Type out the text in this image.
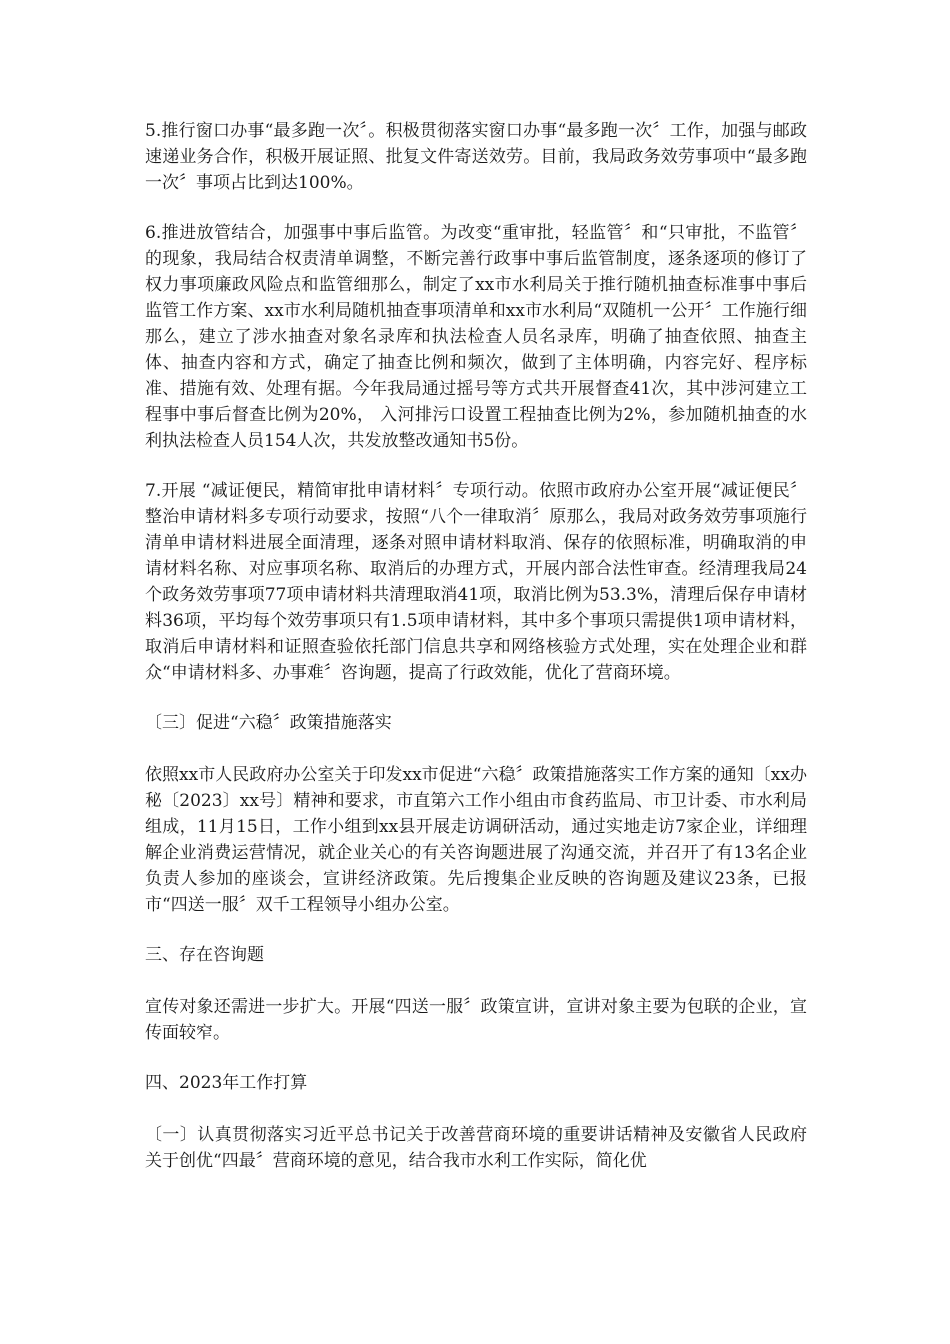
5.推行窗口办事“最多跑一次〞。积极贯彻落实窗口办事“最多跑一次〞工作，加强与邮政速递业务合作，积极开展证照、批复文件寄送效劳。目前，我局政务效劳事项中“最多跑一次〞事项占比到达100%。

6.推进放管结合，加强事中事后监管。为改变“重审批，轻监管〞和“只审批，不监管〞的现象，我局结合权责清单调整，不断完善行政事中事后监管制度，逐条逐项的修订了权力事项廉政风险点和监管细那么，制定了xx市水利局关于推行随机抽查标准事中事后监管工作方案、xx市水利局随机抽查事项清单和xx市水利局“双随机一公开〞工作施行细那么，建立了涉水抽查对象名录库和执法检查人员名录库，明确了抽查依照、抽查主体、抽查内容和方式，确定了抽查比例和频次，做到了主体明确，内容完好、程序标准、措施有效、处理有据。今年我局通过摇号等方式共开展督查41次，其中涉河建立工程事中事后督查比例为20%， 入河排污口设置工程抽查比例为2%，参加随机抽查的水利执法检查人员154人次，共发放整改通知书5份。

7.开展 “减证便民，精简审批申请材料〞专项行动。依照市政府办公室开展“减证便民〞整治申请材料多专项行动要求，按照“八个一律取消〞原那么，我局对政务效劳事项施行清单申请材料进展全面清理，逐条对照申请材料取消、保存的依照标准，明确取消的申请材料名称、对应事项名称、取消后的办理方式，开展内部合法性审查。经清理我局24个政务效劳事项77项申请材料共清理取消41项，取消比例为53.3%，清理后保存申请材料36项，平均每个效劳事项只有1.5项申请材料，其中多个事项只需提供1项申请材料，取消后申请材料和证照查验依托部门信息共享和网络核验方式处理，实在处理企业和群众“申请材料多、办事难〞咨询题，提高了行政效能，优化了营商环境。

〔三〕促进“六稳〞政策措施落实

依照xx市人民政府办公室关于印发xx市促进“六稳〞政策措施落实工作方案的通知〔xx办秘〔2023〕xx号〕精神和要求，市直第六工作小组由市食药监局、市卫计委、市水利局组成，11月15日，工作小组到xx县开展走访调研活动，通过实地走访7家企业，详细理解企业消费运营情况，就企业关心的有关咨询题进展了沟通交流，并召开了有13名企业负责人参加的座谈会，宣讲经济政策。先后搜集企业反映的咨询题及建议23条，已报市“四送一服〞双千工程领导小组办公室。

三、存在咨询题

宣传对象还需进一步扩大。开展“四送一服〞政策宣讲，宣讲对象主要为包联的企业，宣传面较窄。

四、2023年工作打算

〔一〕认真贯彻落实习近平总书记关于改善营商环境的重要讲话精神及安徽省人民政府关于创优“四最〞营商环境的意见，结合我市水利工作实际，简化优
